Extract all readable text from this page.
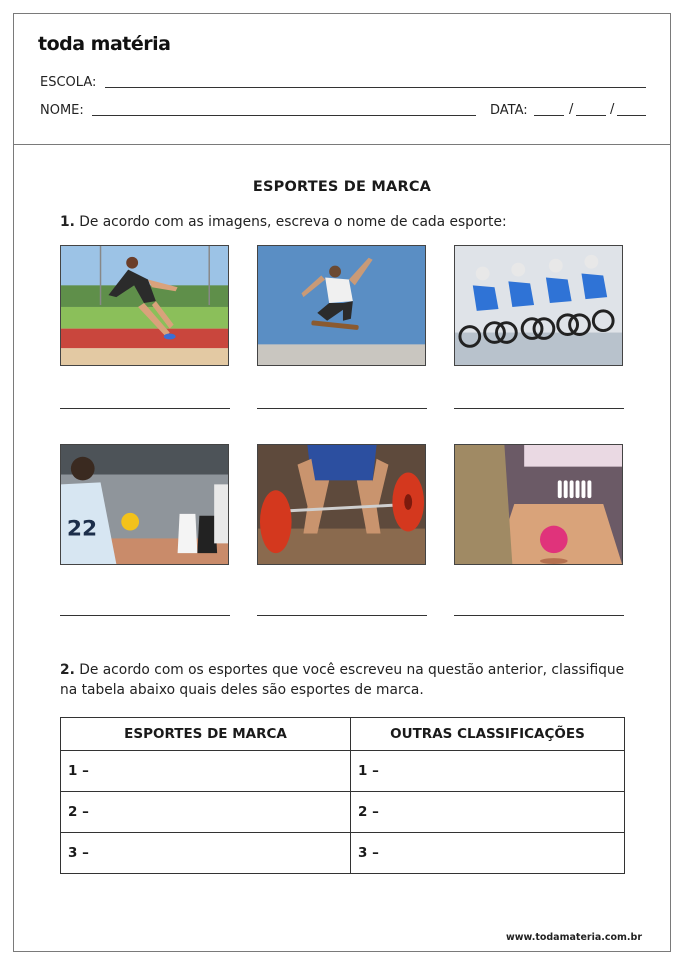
toda matéria
ESCOLA:
NOME:	DATA:	/	/
ESPORTES DE MARCA
1. De acordo com as imagens, escreva o nome de cada esporte:
22
2. De acordo com os esportes que você escreveu na questão anterior, classifique
na tabela abaixo quais deles são esportes de marca.
ESPORTES DE MARCA	OUTRAS CLASSIFICAÇÕES
1 –	1 –
2 –	2 –
3 –	3 –
www.todamateria.com.br
